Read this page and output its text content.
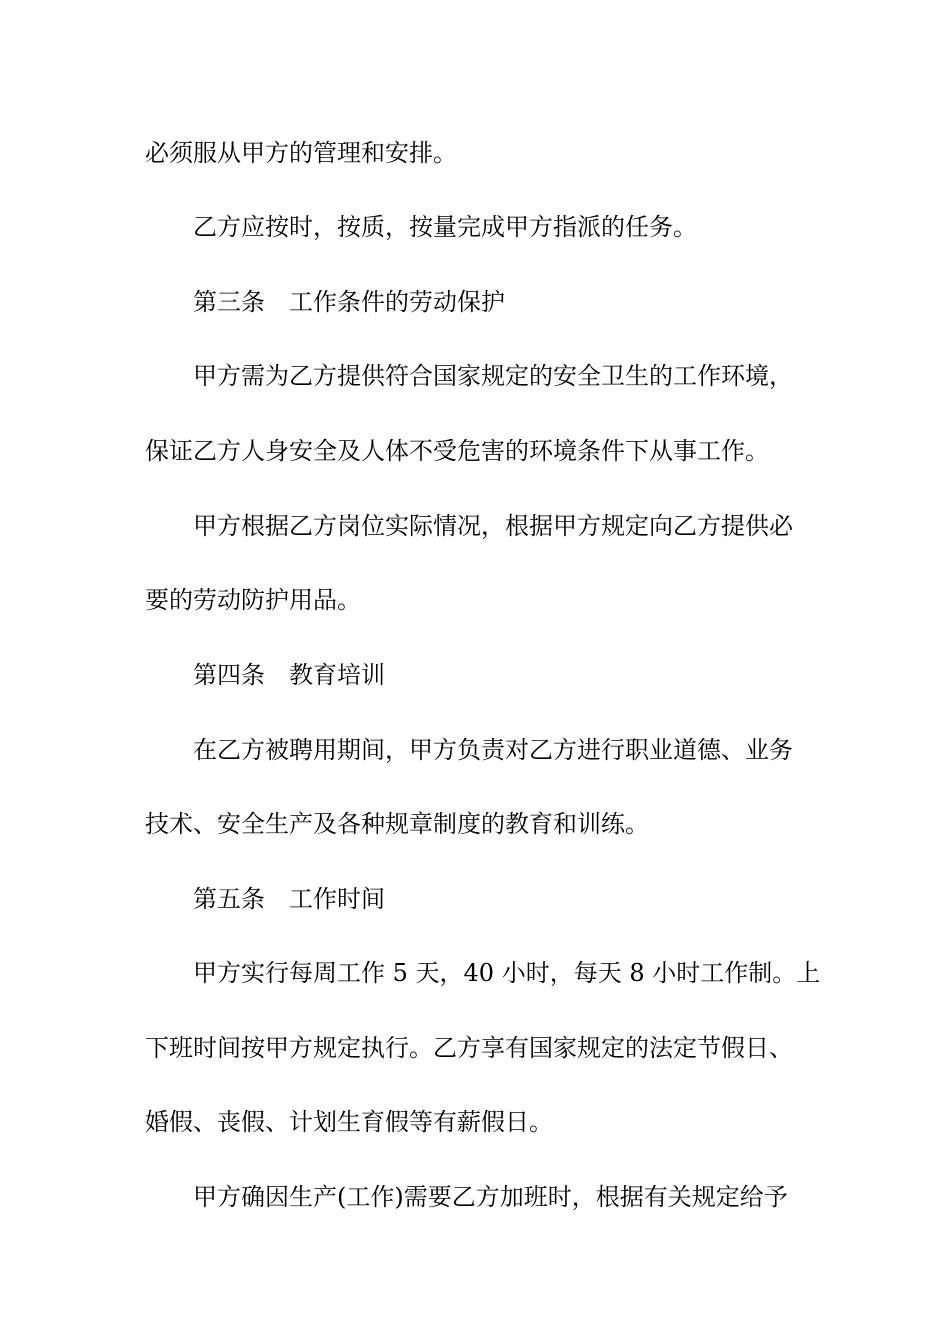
必须服从甲方的管理和安排。
乙方应按时，按质，按量完成甲方指派的任务。
第三条　工作条件的劳动保护
甲方需为乙方提供符合国家规定的安全卫生的工作环境，
保证乙方人身安全及人体不受危害的环境条件下从事工作。
甲方根据乙方岗位实际情况，根据甲方规定向乙方提供必
要的劳动防护用品。
第四条　教育培训
在乙方被聘用期间，甲方负责对乙方进行职业道德、业务
技术、安全生产及各种规章制度的教育和训练。
第五条　工作时间
甲方实行每周工作 5 天，40 小时，每天 8 小时工作制。上
下班时间按甲方规定执行。乙方享有国家规定的法定节假日、
婚假、丧假、计划生育假等有薪假日。
甲方确因生产(工作)需要乙方加班时，根据有关规定给予
